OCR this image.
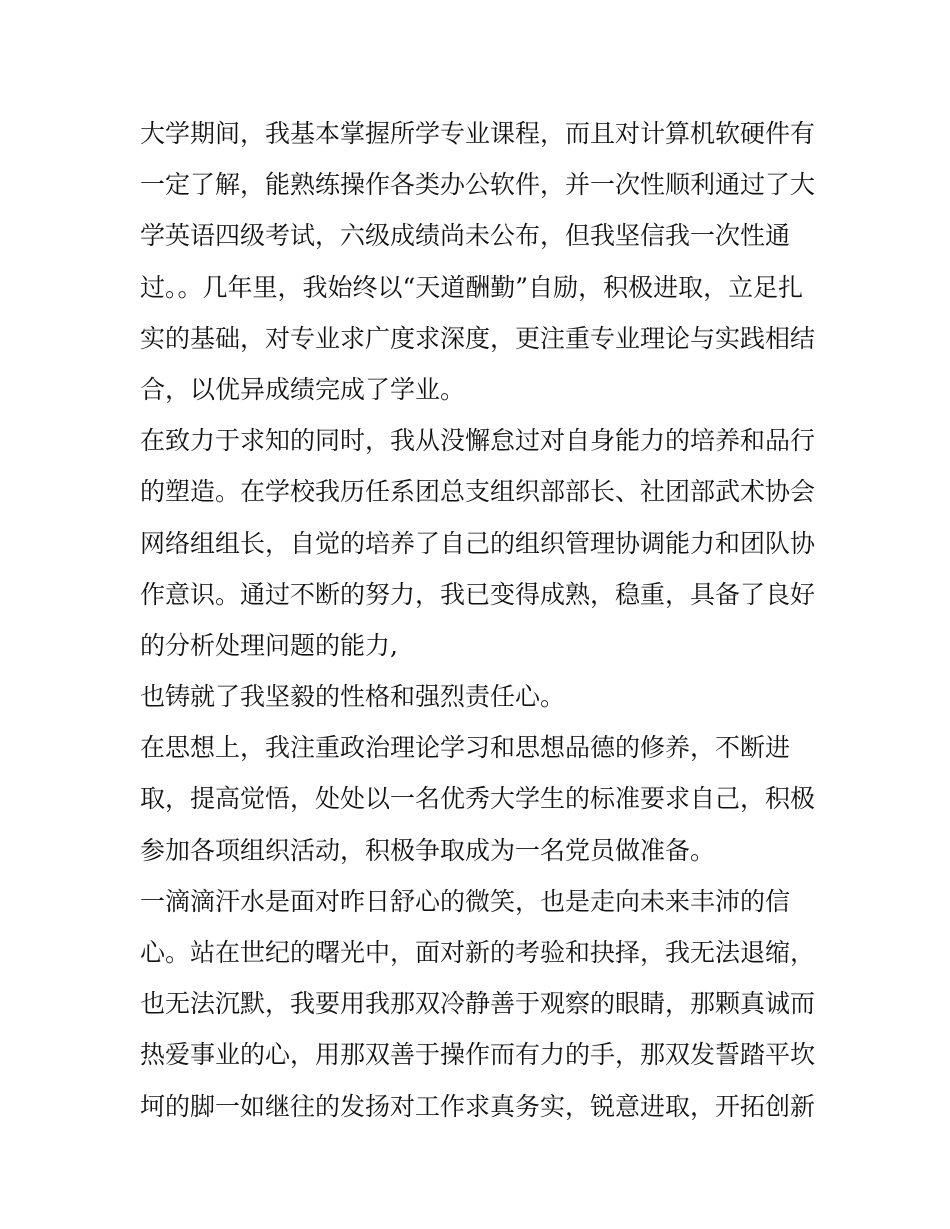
大学期间，我基本掌握所学专业课程，而且对计算机软硬件有
一定了解，能熟练操作各类办公软件，并一次性顺利通过了大
学英语四级考试，六级成绩尚未公布，但我坚信我一次性通
过。。几年里，我始终以“天道酬勤”自励，积极进取，立足扎
实的基础，对专业求广度求深度，更注重专业理论与实践相结
合，以优异成绩完成了学业。
在致力于求知的同时，我从没懈怠过对自身能力的培养和品行
的塑造。在学校我历任系团总支组织部部长、社团部武术协会
网络组组长，自觉的培养了自己的组织管理协调能力和团队协
作意识。通过不断的努力，我已变得成熟，稳重，具备了良好
的分析处理问题的能力,
也铸就了我坚毅的性格和强烈责任心。
在思想上，我注重政治理论学习和思想品德的修养，不断进
取，提高觉悟，处处以一名优秀大学生的标准要求自己，积极
参加各项组织活动，积极争取成为一名党员做准备。
一滴滴汗水是面对昨日舒心的微笑，也是走向未来丰沛的信
心。站在世纪的曙光中，面对新的考验和抉择，我无法退缩，
也无法沉默，我要用我那双冷静善于观察的眼睛，那颗真诚而
热爱事业的心，用那双善于操作而有力的手，那双发誓踏平坎
坷的脚一如继往的发扬对工作求真务实，锐意进取，开拓创新
